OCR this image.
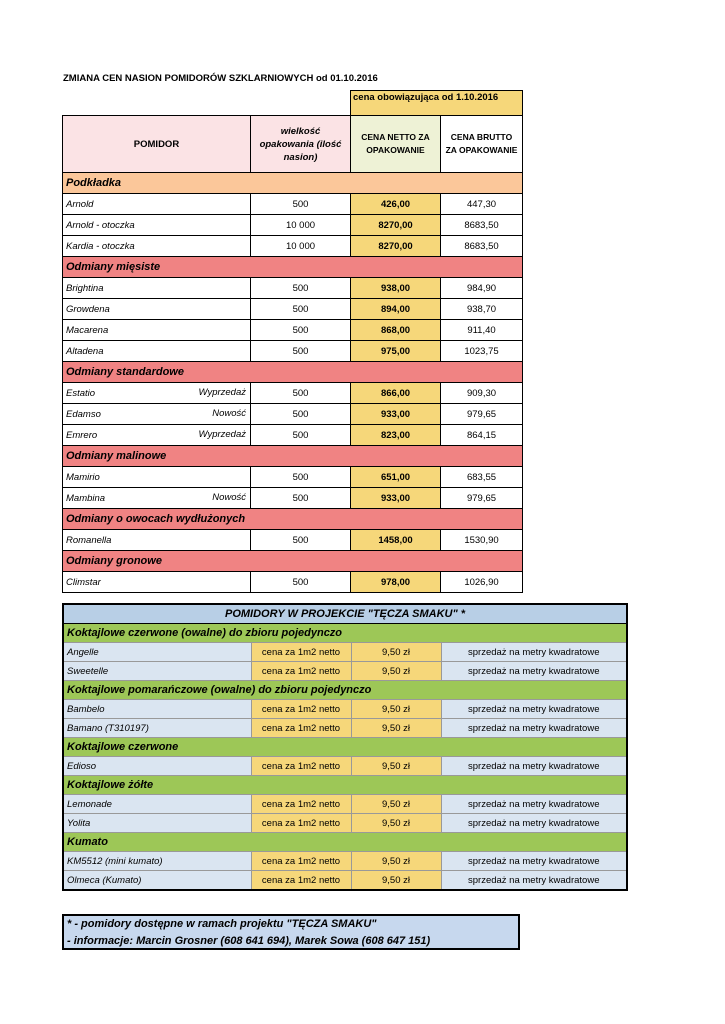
ZMIANA CEN NASION POMIDORÓW SZKLARNIOWYCH od 01.10.2016
		cena obowiązująca od 1.10.2016	
POMIDOR	wielkość opakowania (ilość nasion)	CENA NETTO ZA OPAKOWANIE	CENA BRUTTO ZA OPAKOWANIE
Podkładka			
Arnold	500	426,00	447,30
Arnold - otoczka	10 000	8270,00	8683,50
Kardia - otoczka	10 000	8270,00	8683,50
Odmiany mięsiste			
Brightina	500	938,00	984,90
Growdena	500	894,00	938,70
Macarena	500	868,00	911,40
Altadena	500	975,00	1023,75
Odmiany standardowe			
Estatio Wyprzedaż	500	866,00	909,30
Edamso Nowość	500	933,00	979,65
Emrero Wyprzedaż	500	823,00	864,15
Odmiany malinowe			
Mamirio	500	651,00	683,55
Mambina Nowość	500	933,00	979,65
Odmiany o owocach wydłużonych			
Romanella	500	1458,00	1530,90
Odmiany gronowe			
Climstar	500	978,00	1026,90
POMIDORY W PROJEKCIE "TĘCZA SMAKU" *			
Koktajlowe czerwone (owalne) do zbioru pojedynczo			
Angelle	cena za 1m2 netto	9,50 zł	sprzedaż na metry kwadratowe
Sweetelle	cena za 1m2 netto	9,50 zł	sprzedaż na metry kwadratowe
Koktajlowe pomarańczowe (owalne) do zbioru pojedynczo			
Bambelo	cena za 1m2 netto	9,50 zł	sprzedaż na metry kwadratowe
Bamano (T310197)	cena za 1m2 netto	9,50 zł	sprzedaż na metry kwadratowe
Koktajlowe czerwone			
Edioso	cena za 1m2 netto	9,50 zł	sprzedaż na metry kwadratowe
Koktajlowe żółte			
Lemonade	cena za 1m2 netto	9,50 zł	sprzedaż na metry kwadratowe
Yolita	cena za 1m2 netto	9,50 zł	sprzedaż na metry kwadratowe
Kumato			
KM5512 (mini kumato)	cena za 1m2 netto	9,50 zł	sprzedaż na metry kwadratowe
Olmeca (Kumato)	cena za 1m2 netto	9,50 zł	sprzedaż na metry kwadratowe
* - pomidory dostępne w ramach projektu "TĘCZA SMAKU"
- informacje: Marcin Grosner (608 641 694), Marek Sowa (608 647 151)
